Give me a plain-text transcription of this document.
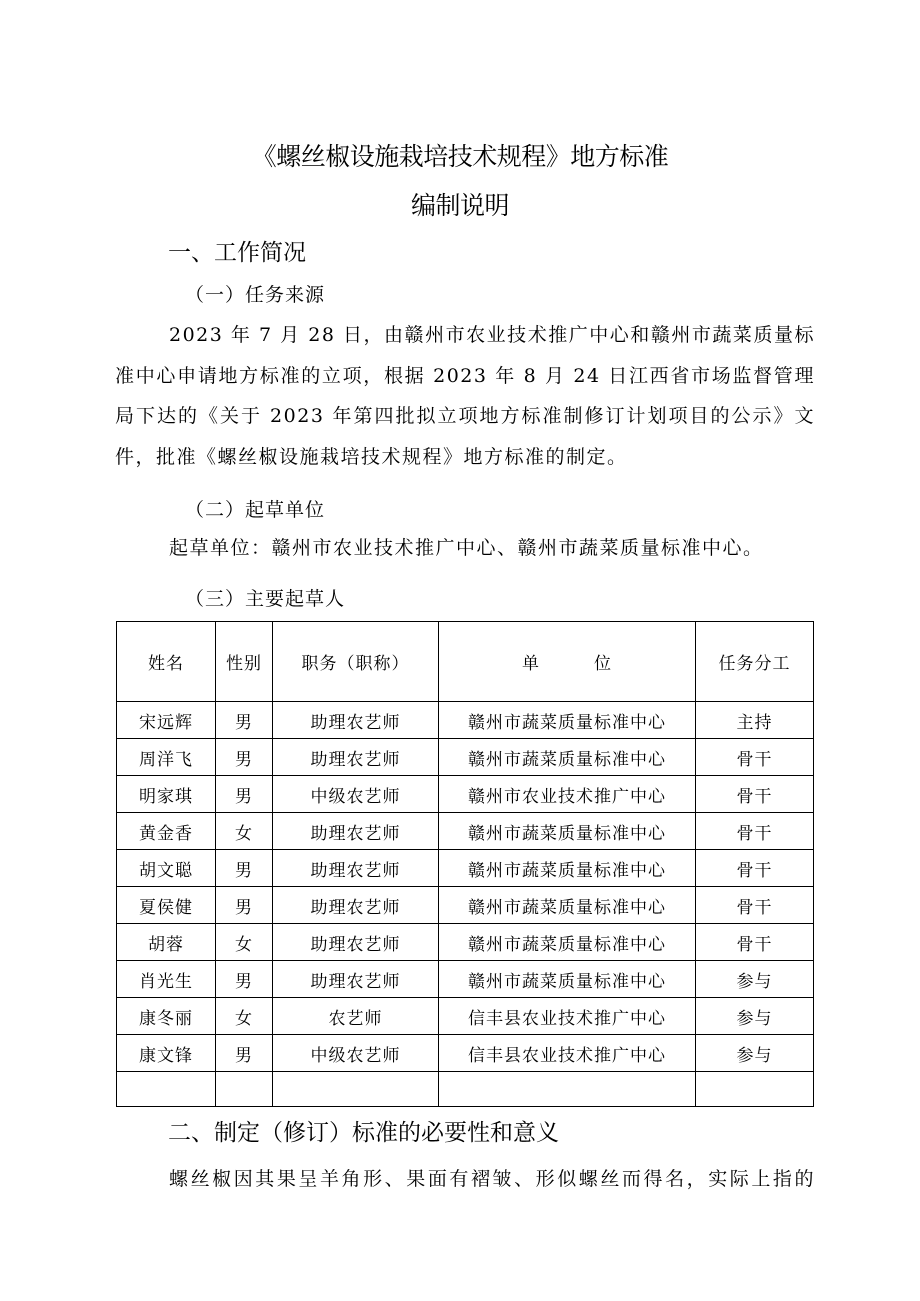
《螺丝椒设施栽培技术规程》地方标准
编制说明
一、工作简况
（一）任务来源

2023 年 7 月 28 日，由赣州市农业技术推广中心和赣州市蔬菜质量标

准中心申请地方标准的立项，根据 2023 年 8 月 24 日江西省市场监督管理

局下达的《关于 2023 年第四批拟立项地方标准制修订计划项目的公示》文

件，批准《螺丝椒设施栽培技术规程》地方标准的制定。

（二）起草单位

起草单位：赣州市农业技术推广中心、赣州市蔬菜质量标准中心。

（三）主要起草人
姓名	性别	职务（职称）	单　　　位	任务分工
宋远辉	男	助理农艺师	赣州市蔬菜质量标准中心	主持
周洋飞	男	助理农艺师	赣州市蔬菜质量标准中心	骨干
明家琪	男	中级农艺师	赣州市农业技术推广中心	骨干
黄金香	女	助理农艺师	赣州市蔬菜质量标准中心	骨干
胡文聪	男	助理农艺师	赣州市蔬菜质量标准中心	骨干
夏侯健	男	助理农艺师	赣州市蔬菜质量标准中心	骨干
胡蓉	女	助理农艺师	赣州市蔬菜质量标准中心	骨干
肖光生	男	助理农艺师	赣州市蔬菜质量标准中心	参与
康冬丽	女	农艺师	信丰县农业技术推广中心	参与
康文锋	男	中级农艺师	信丰县农业技术推广中心	参与

二、制定（修订）标准的必要性和意义

螺丝椒因其果呈羊角形、果面有褶皱、形似螺丝而得名，实际上指的
